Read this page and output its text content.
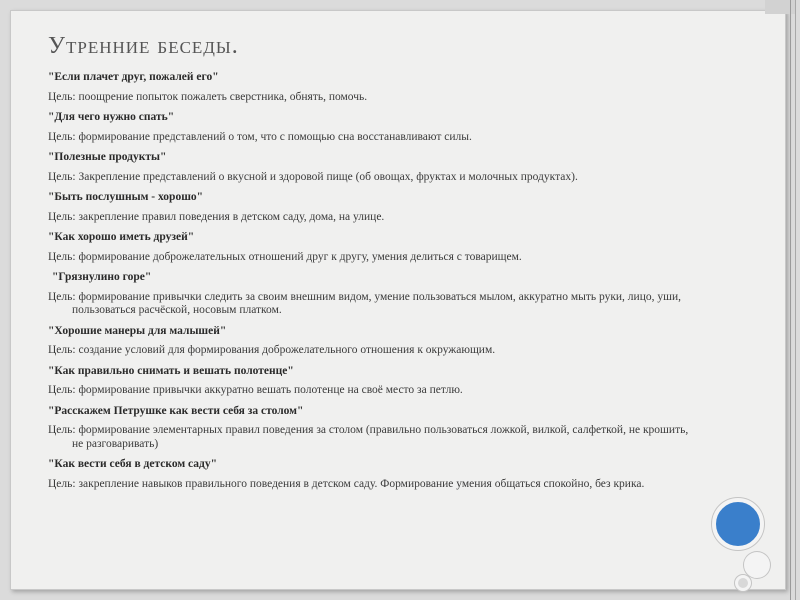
Утренние беседы.

"Если плачет друг, пожалей его"

Цель: поощрение попыток пожалеть сверстника, обнять, помочь.

"Для чего нужно спать"

Цель: формирование представлений о том, что с помощью сна восстанавливают силы.

"Полезные продукты"

Цель: Закрепление представлений о вкусной и здоровой пище (об овощах, фруктах и молочных продуктах).

"Быть послушным - хорошо"

Цель: закрепление правил поведения в детском саду, дома, на улице.

"Как хорошо иметь друзей"

Цель: формирование доброжелательных отношений друг к другу, умения делиться с товарищем.

"Грязнулино горе"

Цель: формирование привычки следить за своим внешним видом, умение пользоваться мылом, аккуратно мыть руки, лицо, уши, пользоваться расчёской, носовым платком.

"Хорошие манеры для малышей"

Цель: создание условий для формирования доброжелательного отношения к окружающим.

"Как правильно снимать и вешать полотенце"

Цель: формирование привычки аккуратно вешать полотенце на своё место за петлю.

"Расскажем Петрушке как вести себя за столом"

Цель: формирование элементарных правил поведения за столом (правильно пользоваться ложкой, вилкой, салфеткой, не крошить, не разговаривать)

"Как вести себя в детском саду"

Цель: закрепление навыков правильного поведения в детском саду. Формирование умения общаться спокойно, без крика.
